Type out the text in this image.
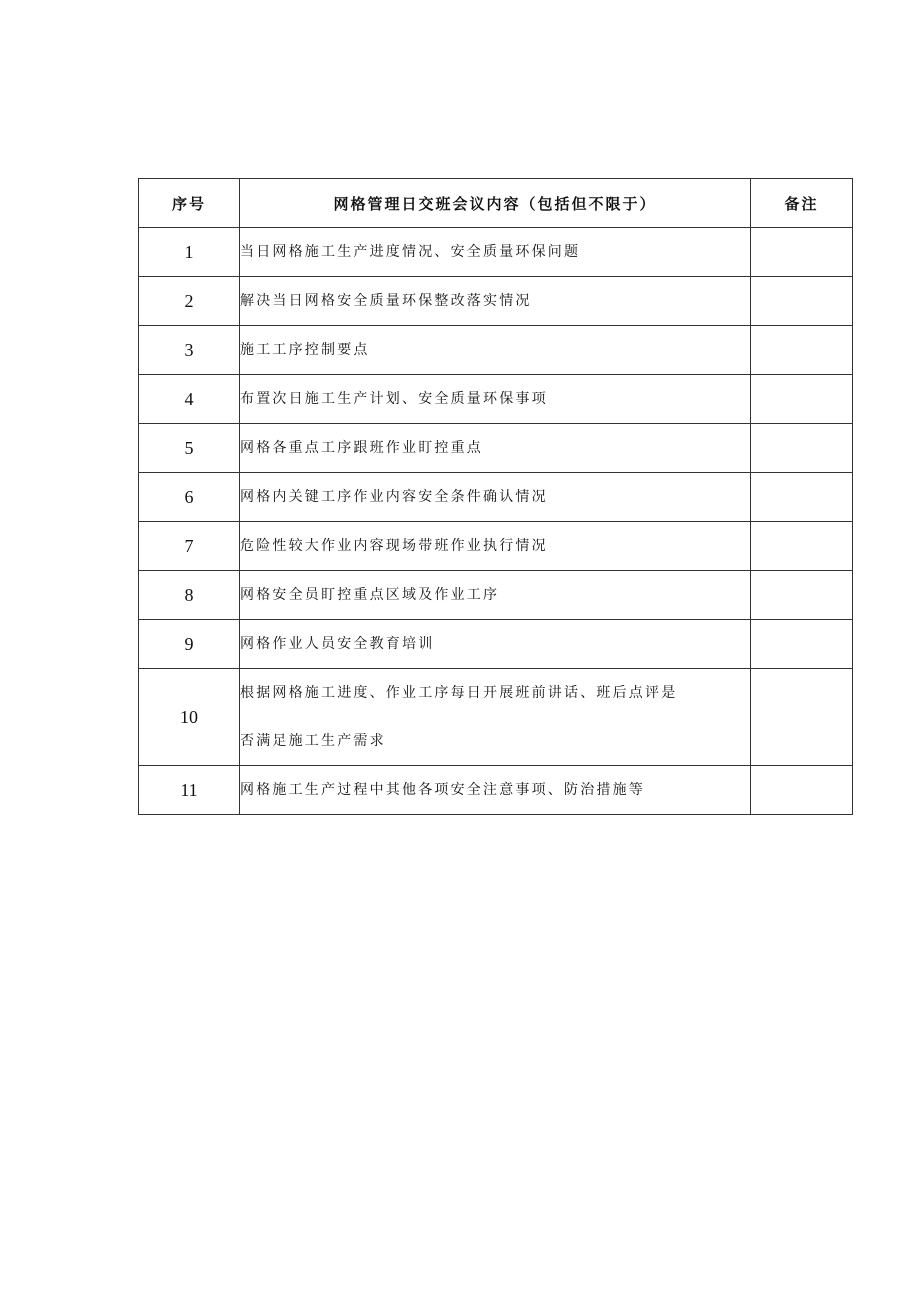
序号	网格管理日交班会议内容（包括但不限于）	备注
1	当日网格施工生产进度情况、安全质量环保问题	

2	解决当日网格安全质量环保整改落实情况	

3	施工工序控制要点	

4	布置次日施工生产计划、安全质量环保事项	

5	网格各重点工序跟班作业盯控重点	

6	网格内关键工序作业内容安全条件确认情况	

7	危险性较大作业内容现场带班作业执行情况	

8	网格安全员盯控重点区域及作业工序	

9	网格作业人员安全教育培训	

10	根据网格施工进度、作业工序每日开展班前讲话、班后点评是
否满足施工生产需求	

11	网格施工生产过程中其他各项安全注意事项、防治措施等	
